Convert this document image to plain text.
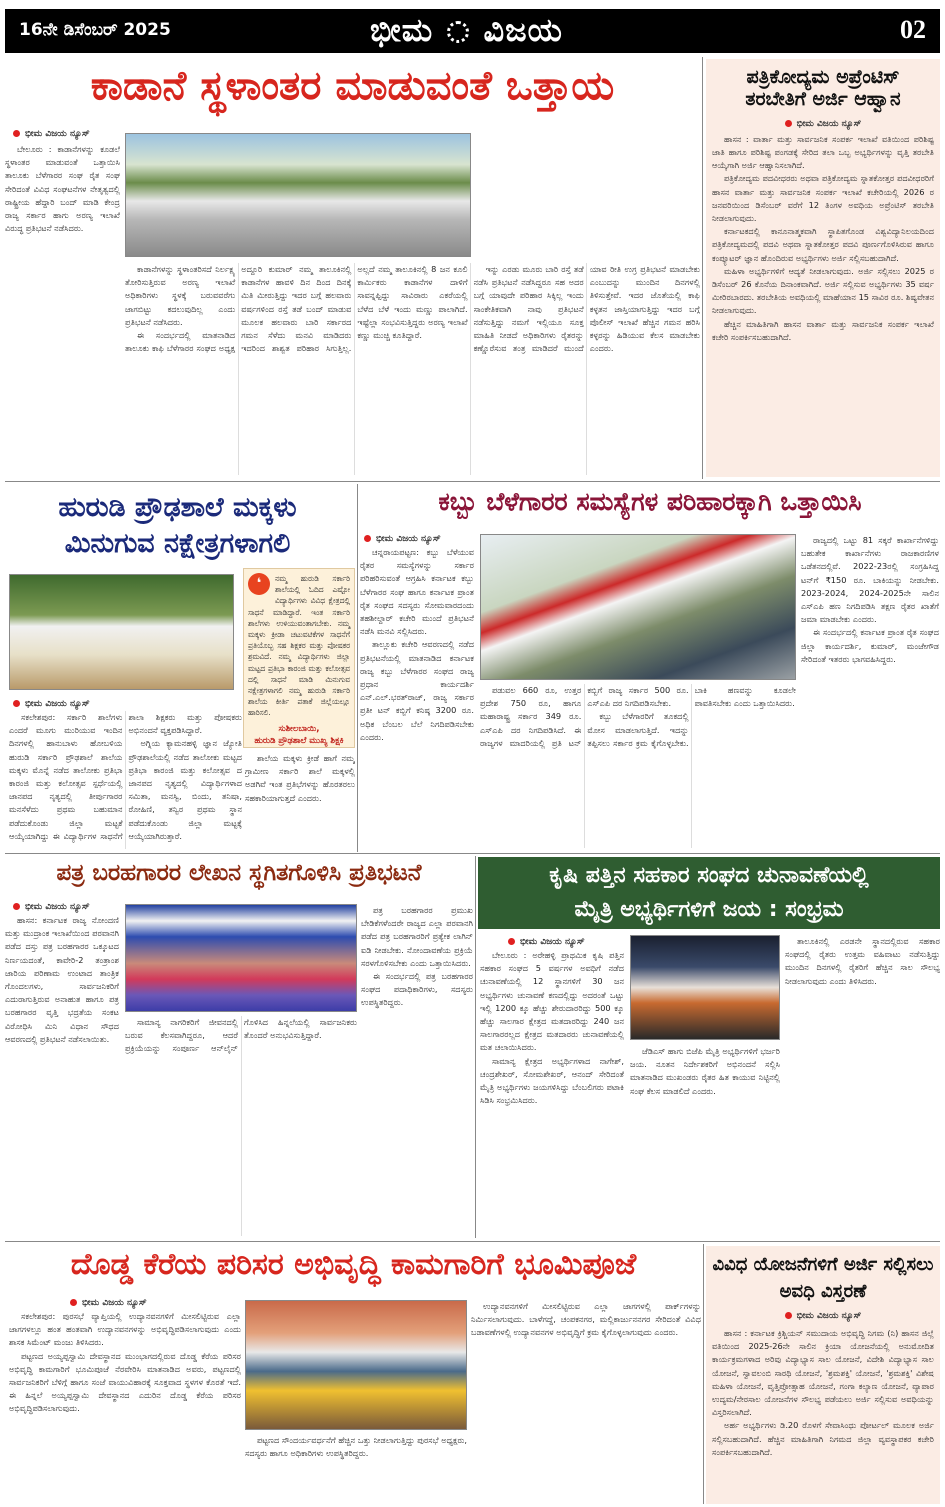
16ನೇ ಡಿಸೆಂಬರ್ 2025	ಭೀಮ ವಿಜಯ	02
ಕಾಡಾನೆ ಸ್ಥಳಾಂತರ ಮಾಡುವಂತೆ ಒತ್ತಾಯ
ಭೀಮ ವಿಜಯ ನ್ಯೂಸ್

ಬೇಲೂರು : ಕಾಡಾನೆಗಳನ್ನು ಕೂಡಲೆ ಸ್ಥಳಾಂತರ ಮಾಡುವಂತೆ ಒತ್ತಾಯಿಸಿ ತಾಲೂಕು ಬೆಳೆಗಾರರ ಸಂಘ ರೈತ ಸಂಘ ಸೇರಿದಂತೆ ವಿವಿಧ ಸಂಘಟನೆಗಳ ನೇತೃತ್ವದಲ್ಲಿ ರಾಷ್ಟ್ರೀಯ ಹೆದ್ದಾರಿ ಬಂದ್ ಮಾಡಿ ಕೇಂದ್ರ ರಾಜ್ಯ ಸರ್ಕಾರ ಹಾಗು ಅರಣ್ಯ ಇಲಾಖೆ ವಿರುದ್ಧ ಪ್ರತಿಭಟನೆ ನಡೆಸಿದರು.

ಕಾಡಾನೆಗಳನ್ನು ಸ್ಥಳಾಂತರಿಸದೆ ನಿರ್ಲಕ್ಷ್ಯ ತೋರಿಸುತ್ತಿರುವ ಅರಣ್ಯ ಇಲಾಖೆ ಅಧಿಕಾರಿಗಳು ಸ್ಥಳಕ್ಕೆ ಬರುವವರೆಗು ಜಾಗಬಿಟ್ಟು ಕದಲುವುದಿಲ್ಲ ಎಂದು ಪ್ರತಿಭಟನೆ ನಡೆಸಿದರು.

ಈ ಸಂದರ್ಭದಲ್ಲಿ ಮಾತನಾಡಿದ ತಾಲೂಕು ಕಾಫಿ ಬೆಳೆಗಾರರ ಸಂಘದ ಅಧ್ಯಕ್ಷ ಅದ್ದೂರಿ ಕುಮಾರ್ ನಮ್ಮ ತಾಲೂಕಿನಲ್ಲಿ ಕಾಡಾನೆಗಳ ಹಾವಳಿ ದಿನ ದಿಂದ ದಿನಕ್ಕೆ ಮಿತಿ ಮೀರುತ್ತಿದ್ದು ಇದರ ಬಗ್ಗೆ ಹಲವಾರು ವರ್ಷಗಳಿಂದ ರಸ್ತೆ ತಡೆ ಬಂದ್ ಮಾಡುವ ಮೂಲಕ ಹಲವಾರು ಬಾರಿ ಸರ್ಕಾರದ ಗಮನ ಸೆಳೆದು ಮನವಿ ಮಾಡಿದರು ಇದರಿಂದ ಶಾಶ್ವತ ಪರಿಹಾರ ಸಿಗುತ್ತಿಲ್ಲ. ಅಲ್ಲದೆ ನಮ್ಮ ತಾಲೂಕಿನಲ್ಲಿ 8 ಜನ ಕೂಲಿ ಕಾರ್ಮಿಕರು ಕಾಡಾನೆಗಳ ದಾಳಿಗೆ ಸಾವನ್ನಪ್ಪಿದ್ದು ಸಾವಿರಾರು ಎಕರೆಯಲ್ಲಿ ಬೆಳೆದ ಬೆಳೆ ಇಂದು ಮಣ್ಣು ಪಾಲಾಗಿದೆ. ಇಷ್ಟೆಲ್ಲಾ ಸಂಭವಿಸುತ್ತಿದ್ದರು ಅರಣ್ಯ ಇಲಾಖೆ ಕಣ್ಣು ಮುಚ್ಚಿ ಕೂತಿದ್ದಾರೆ.

ಇನ್ನು ಎರಡು ಮೂರು ಬಾರಿ ರಸ್ತೆ ತಡೆ ನಡೆಸಿ ಪ್ರತಿಭಟನೆ ನಡೆಸಿದ್ದರೂ ಸಹ ಅದರ ಬಗ್ಗೆ ಯಾವುದೇ ಪರಿಹಾರ ಸಿಕ್ಕಿಲ್ಲ ಇಂದು ಸಾಂಕೇತಿಕವಾಗಿ ನಾವು ಪ್ರತಿಭಟನೆ ನಡೆಸುತ್ತಿದ್ದು ನಮಗೆ ಇಲ್ಲಿಯೂ ಸೂಕ್ತ ಮಾಹಿತಿ ನೀಡದೆ ಅಧಿಕಾರಿಗಳು ರೈತರನ್ನು ಕಣ್ಣೊರೆಸುವ ತಂತ್ರ ಮಾಡಿದರೆ ಮುಂದೆ ಯಾವ ರೀತಿ ಉಗ್ರ ಪ್ರತಿಭಟನೆ ಮಾಡಬೇಕು ಎಂಬುದನ್ನು ಮುಂದಿನ ದಿನಗಳಲ್ಲಿ ತಿಳಿಸುತ್ತೇವೆ. ಇದರ ಜೊತೆಯಲ್ಲಿ ಕಾಫಿ ಕಳ್ಳತನ ಜಾಸ್ತಿಯಾಗುತ್ತಿದ್ದು ಇದರ ಬಗ್ಗೆ ಪೊಲೀಸ್ ಇಲಾಖೆ ಹೆಚ್ಚಿನ ಗಮನ ಹರಿಸಿ ಕಳ್ಳರನ್ನು ಹಿಡಿಯುವ ಕೆಲಸ ಮಾಡಬೇಕು ಎಂದರು.

ಪತ್ರಿಕೋದ್ಯಮ ಅಪ್ರೆಂಟಿಸ್ ತರಬೇತಿಗೆ ಅರ್ಜಿ ಆಹ್ವಾನ
ಭೀಮ ವಿಜಯ ನ್ಯೂಸ್

ಹಾಸನ : ವಾರ್ತಾ ಮತ್ತು ಸಾರ್ವಜನಿಕ ಸಂಪರ್ಕ ಇಲಾಖೆ ವತಿಯಿಂದ ಪರಿಶಿಷ್ಟ ಜಾತಿ ಹಾಗೂ ಪರಿಶಿಷ್ಟ ಪಂಗಡಕ್ಕೆ ಸೇರಿದ ತಲಾ ಒಬ್ಬ ಅಭ್ಯರ್ಥಿಗಳನ್ನು ವೃತ್ತಿ ತರಬೇತಿ ಆಯ್ಕೆಗಾಗಿ ಅರ್ಜಿ ಆಹ್ವಾನಿಸಲಾಗಿದೆ.

ಪತ್ರಿಕೋದ್ಯಮ ಪದವೀಧರರು ಅಥವಾ ಪತ್ರಿಕೋದ್ಯಮ ಸ್ನಾತಕೋತ್ತರ ಪದವೀಧರರಿಗೆ ಹಾಸನ ವಾರ್ತಾ ಮತ್ತು ಸಾರ್ವಜನಿಕ ಸಂಪರ್ಕ ಇಲಾಖೆ ಕಚೇರಿಯಲ್ಲಿ 2026 ರ ಜನವರಿಯಿಂದ ಡಿಸೆಂಬರ್ ವರೆಗೆ 12 ತಿಂಗಳ ಅವಧಿಯ ಅಪ್ರೆಂಟಿಸ್ ತರಬೇತಿ ನೀಡಲಾಗುವುದು.

ಕರ್ನಾಟಕದಲ್ಲಿ ಕಾನೂನಾತ್ಮಕವಾಗಿ ಸ್ಥಾಪಿತಗೊಂಡ ವಿಶ್ವವಿದ್ಯಾನಿಲಯದಿಂದ ಪತ್ರಿಕೋದ್ಯಮದಲ್ಲಿ ಪದವಿ ಅಥವಾ ಸ್ನಾತಕೋತ್ತರ ಪದವಿ ಪೂರ್ಣಗೊಳಿಸಿರುವ ಹಾಗೂ ಕಂಪ್ಯೂಟರ್ ಜ್ಞಾನ ಹೊಂದಿರುವ ಅಭ್ಯರ್ಥಿಗಳು ಅರ್ಜಿ ಸಲ್ಲಿಸಬಹುದಾಗಿದೆ.

ಮಹಿಳಾ ಅಭ್ಯರ್ಥಿಗಳಿಗೆ ಆದ್ಯತೆ ನೀಡಲಾಗುವುದು. ಅರ್ಜಿ ಸಲ್ಲಿಸಲು 2025 ರ ಡಿಸೆಂಬರ್ 26 ಕೊನೆಯ ದಿನಾಂಕವಾಗಿದೆ. ಅರ್ಜಿ ಸಲ್ಲಿಸುವ ಅಭ್ಯರ್ಥಿಗಳು 35 ವರ್ಷ ಮೀರಿರಬಾರದು. ತರಬೇತಿಯ ಅವಧಿಯಲ್ಲಿ ಮಾಹೆಯಾನ 15 ಸಾವಿರ ರೂ. ಶಿಷ್ಯವೇತನ ನೀಡಲಾಗುವುದು.

ಹೆಚ್ಚಿನ ಮಾಹಿತಿಗಾಗಿ ಹಾಸನ ವಾರ್ತಾ ಮತ್ತು ಸಾರ್ವಜನಿಕ ಸಂಪರ್ಕ ಇಲಾಖೆ ಕಚೇರಿ ಸಂಪರ್ಕಿಸಬಹುದಾಗಿದೆ.

ಹುರುಡಿ ಪ್ರೌಢಶಾಲೆ ಮಕ್ಕಳು
ಮಿನುಗುವ ನಕ್ಷೇತ್ರಗಳಾಗಲಿ
ಭೀಮ ವಿಜಯ ನ್ಯೂಸ್

ಸಕಲೇಶಪುರ: ಸರ್ಕಾರಿ ಶಾಲೆಗಳು ಎಂದರೆ ಮೂಗು ಮುರಿಯುವ ಇಂದಿನ ದಿನಗಳಲ್ಲಿ ಹಾನುಬಾಳು ಹೋಬಳಿಯ ಹುರುಡಿ ಸರ್ಕಾರಿ ಪ್ರೌಢಶಾಲೆ ಶಾಲೆಯ ಮಕ್ಕಳು ಮೊನ್ನೆ ನಡೆದ ತಾಲೋಕು ಪ್ರತಿಭಾ ಕಾರಂಜಿ ಮತ್ತು ಕಲೋತ್ಸವ ಸ್ಪರ್ಧೆಯಲ್ಲಿ ಜಾನಪದ ನೃತ್ಯದಲ್ಲಿ ತೀರ್ಪುಗಾರರ ಮನಸೆಳೆದು ಪ್ರಥಮ ಬಹುಮಾನ ಪಡೆದುಕೊಂಡು ಜಿಲ್ಲಾ ಮಟ್ಟಕೆ ಆಯ್ಕೆಯಾಗಿದ್ದು ಈ ವಿದ್ಯಾರ್ಥಿಗಳ ಸಾಧನೆಗೆ ಶಾಲಾ ಶಿಕ್ಷಕರು ಮತ್ತು ಪೋಷಕರು ಅಭಿನಂದನೆ ವ್ಯಕ್ತಪಡಿಸಿದ್ದಾರೆ.

ಅಗ್ನಿಯ ಕ್ಯಾಮನಹಳ್ಳಿ ಜ್ಞಾನ ಜ್ಯೋತಿ ಪ್ರೌಢಶಾಲೆಯಲ್ಲಿ ನಡೆದ ತಾಲೋಕು ಮಟ್ಟದ ಪ್ರತಿಭಾ ಕಾರಂಜಿ ಮತ್ತು ಕಲೋತ್ಸವ ದ ಜಾನಪದ ನೃತ್ಯದಲ್ಲಿ ವಿದ್ಯಾರ್ಥಿಗಳಾದ ಸಮಿತಾ, ಮನಸ್ವಿ, ಬಿಂದು, ತನಿಷಾ, ರೋಹಿಣಿ, ತನ್ವಿರ ಪ್ರಥಮ ಸ್ಥಾನ ಪಡೆದುಕೊಂಡು ಜಿಲ್ಲಾ ಮಟ್ಟಕ್ಕೆ ಆಯ್ಕೆಯಾಗಿರುತ್ತಾರೆ.

❛	ನಮ್ಮ ಹುರುಡಿ ಸರ್ಕಾರಿ ಶಾಲೆಯಲ್ಲಿ ಓದಿದ ಎಷ್ಟೋ ವಿದ್ಯಾರ್ಥಿಗಳು ವಿವಿಧ ಕ್ಷೇತ್ರದಲ್ಲಿ ಸಾಧನೆ ಮಾಡಿದ್ದಾರೆ. ಇಂತ ಸರ್ಕಾರಿ ಶಾಲೆಗಳು ಉಳಿಯುವಂತಾಗಬೇಕು. ನಮ್ಮ ಮಕ್ಕಳು ಕ್ರೀಡಾ ಚಟುವಟಿಕೆಗಳ ಸಾಧನೆಗೆ ಪ್ರತಿಯೊಬ್ಬ ಸಹ ಶಿಕ್ಷಕರ ಮತ್ತು ಪೋಷಕರ ಶ್ರಮವಿದೆ. ನಮ್ಮ ವಿದ್ಯಾರ್ಥಿಗಳು ಜಿಲ್ಲಾ ಮಟ್ಟದ ಪ್ರತಿಭಾ ಕಾರಂಜಿ ಮತ್ತು ಕಲೋತ್ಸವ ದಲ್ಲಿ ಸಾಧನೆ ಮಾಡಿ ಮಿನುಗುವ ನಕ್ಷೇತ್ರಗಳಾಗಲಿ ನಮ್ಮ ಹುರುಡಿ ಸರ್ಕಾರಿ ಶಾಲೆಯ ಕೀರ್ತಿ ಪತಾಕೆ ಜಿಲ್ಲೆಯಲ್ಲೂ ಹಾರಿಸಲಿ.
ಸುಶೀಲಬಾಯಿ,
ಹುರುಡಿ ಪ್ರೌಢಶಾಲೆ ಮುಖ್ಯ ಶಿಕ್ಷಕಿ

ಶಾಲೆಯ ಮಕ್ಕಳು ಕ್ರೀಡೆ ಹಾಗೆ ನಮ್ಮ ಗ್ರಾಮೀಣ ಸರ್ಕಾರಿ ಶಾಲೆ ಮಕ್ಕಳಲ್ಲಿ ಅಡಗಿವೆ ಇಂತ ಪ್ರತಿಭೆಗಳನ್ನು ಹೊರತರಲು ಸಹಕಾರಿಯಾಗುತ್ತದೆ ಎಂದರು.

ಕಬ್ಬು ಬೆಳೆಗಾರರ ಸಮಸ್ಯೆಗಳ ಪರಿಹಾರಕ್ಕಾಗಿ ಒತ್ತಾಯಿಸಿ
ಭೀಮ ವಿಜಯ ನ್ಯೂಸ್

ಚನ್ನರಾಯಪಟ್ಟಣ: ಕಬ್ಬು ಬೆಳೆಯುವ ರೈತರ ಸಮಸ್ಯೆಗಳನ್ನು ಸರ್ಕಾರ ಪರಿಹರಿಸುವಂತೆ ಆಗ್ರಹಿಸಿ ಕರ್ನಾಟಕ ಕಬ್ಬು ಬೆಳೆಗಾರರ ಸಂಘ ಹಾಗೂ ಕರ್ನಾಟಕ ಪ್ರಾಂತ ರೈತ ಸಂಘದ ಸದಸ್ಯರು ಸೋಮವಾರದಂದು ತಹಶೀಲ್ದಾರ್ ಕಚೇರಿ ಮುಂದೆ ಪ್ರತಿಭಟನೆ ನಡೆಸಿ ಮನವಿ ಸಲ್ಲಿಸಿದರು.

ತಾಲ್ಲೂಕು ಕಚೇರಿ ಆವರಣದಲ್ಲಿ ನಡೆದ ಪ್ರತಿಭಟನೆಯಲ್ಲಿ ಮಾತನಾಡಿದ ಕರ್ನಾಟಕ ರಾಜ್ಯ ಕಬ್ಬು ಬೆಳೆಗಾರರ ಸಂಘದ ರಾಜ್ಯ ಪ್ರಧಾನ ಕಾರ್ಯದರ್ಶಿ ಎನ್.ಎಲ್.ಭರತ್‌ರಾಜ್, ರಾಜ್ಯ ಸರ್ಕಾರ ಪ್ರತೀ ಟನ್ ಕಬ್ಬಿಗೆ ಕನಿಷ್ಠ 3200 ರೂ. ಅಧಿಕ ಬೆಂಬಲ ಬೆಲೆ ನಿಗದಿಪಡಿಸಬೇಕು ಎಂದರು.

ಪಡುವಲ 660 ರೂ, ಉತ್ತರ ಪ್ರದೇಶ 750 ರೂ, ಹಾಗೂ ಮಹಾರಾಷ್ಟ್ರ ಸರ್ಕಾರ 349 ರೂ. ಎಸ್‌ಎಪಿ ದರ ನಿಗದಿಪಡಿಸಿದೆ. ಈ ರಾಜ್ಯಗಳ ಮಾದರಿಯಲ್ಲಿ ಪ್ರತಿ ಟನ್ ಕಬ್ಬಿಗೆ ರಾಜ್ಯ ಸರ್ಕಾರ 500 ರೂ. ಎಸ್‌ಎಪಿ ದರ ನಿಗದಿಪಡಿಸಬೇಕು.

ಕಬ್ಬು ಬೆಳೆಗಾರರಿಗೆ ತೂಕದಲ್ಲಿ ಮೋಸ ಮಾಡಲಾಗುತ್ತಿದೆ. ಇದನ್ನು ತಪ್ಪಿಸಲು ಸರ್ಕಾರ ಕ್ರಮ ಕೈಗೊಳ್ಳಬೇಕು. ಬಾಕಿ ಹಣವನ್ನು ಕೂಡಲೇ ಪಾವತಿಸಬೇಕು ಎಂದು ಒತ್ತಾಯಿಸಿದರು.

ರಾಜ್ಯದಲ್ಲಿ ಒಟ್ಟು 81 ಸಕ್ಕರೆ ಕಾರ್ಖಾನೆಗಳಿದ್ದು ಬಹುತೇಕ ಕಾರ್ಖಾನೆಗಳು ರಾಜಕಾರಣಿಗಳ ಒಡೆತನದಲ್ಲಿವೆ. 2022-23ರಲ್ಲಿ ಸಂಗ್ರಹಿಸಿದ್ದ ಟನ್‌ಗೆ ₹150 ರೂ. ಬಾಕಿಯನ್ನು ನೀಡಬೇಕು. 2023-2024, 2024-2025ನೇ ಸಾಲಿನ ಎಸ್‌ಎಪಿ ಹಣ ನಿಗದಿಪಡಿಸಿ ತಕ್ಷಣ ರೈತರ ಖಾತೆಗೆ ಜಮಾ ಮಾಡಬೇಕು ಎಂದರು.

ಈ ಸಂದರ್ಭದಲ್ಲಿ ಕರ್ನಾಟಕ ಪ್ರಾಂತ ರೈತ ಸಂಘದ ಜಿಲ್ಲಾ ಕಾರ್ಯದರ್ಶಿ, ಕುಮಾರ್, ಮಂಜೇಗೌಡ ಸೇರಿದಂತೆ ಇತರರು ಭಾಗವಹಿಸಿದ್ದರು.

ಪತ್ರ ಬರಹಗಾರರ ಲೇಖನ ಸ್ಥಗಿತಗೊಳಿಸಿ ಪ್ರತಿಭಟನೆ
ಭೀಮ ವಿಜಯ ನ್ಯೂಸ್

ಹಾಸನ: ಕರ್ನಾಟಕ ರಾಜ್ಯ ನೋಂದಣಿ ಮತ್ತು ಮುದ್ರಾಂಕ ಇಲಾಖೆಯಿಂದ ಪರವಾನಗಿ ಪಡೆದ ದಸ್ತು ಪತ್ರ ಬರಹಗಾರರ ಒಕ್ಕೂಟದ ನಿರ್ಣಯದಂತೆ, ಕಾವೇರಿ-2 ತಂತ್ರಾಂಶ ಜಾರಿಯ ಪರಿಣಾಮ ಉಂಟಾದ ತಾಂತ್ರಿಕ ಗೊಂದಲಗಳು, ಸಾರ್ವಜನಿಕರಿಗೆ ಎದುರಾಗುತ್ತಿರುವ ಅನಾಹುತ ಹಾಗೂ ಪತ್ರ ಬರಹಗಾರರ ವೃತ್ತಿ ಭದ್ರತೆಯ ಸಂಕಟ ವಿರೋಧಿಸಿ ಮಿನಿ ವಿಧಾನ ಸೌಧದ ಆವರಣದಲ್ಲಿ ಪ್ರತಿಭಟನೆ ನಡೆಸಲಾಯಿತು.

ಸಾಮಾನ್ಯ ನಾಗರಿಕರಿಗೆ ಜೀವನದಲ್ಲಿ ಬರುವ ಕೆಲಸವಾಗಿದ್ದರೂ, ಆದರೆ ಪ್ರಕ್ರಿಯೆಯನ್ನು ಸಂಪೂರ್ಣ ಆನ್‌ಲೈನ್ ಗೊಳಿಸಿದ ಹಿನ್ನಲೆಯಲ್ಲಿ ಸಾರ್ವಜನಿಕರು ತೊಂದರೆ ಅನುಭವಿಸುತ್ತಿದ್ದಾರೆ.

ಪತ್ರ ಬರಹಗಾರರ ಪ್ರಮುಖ ಬೇಡಿಕೆಗಳೆಂದರೇ ರಾಜ್ಯದ ಎಲ್ಲಾ ಪರವಾನಗಿ ಪಡೆದ ಪತ್ರ ಬರಹಗಾರರಿಗೆ ಪ್ರತ್ಯೇಕ ಲಾಗಿನ್ ಐಡಿ ನೀಡಬೇಕು. ನೋಂದಾವಣೆಯ ಪ್ರಕ್ರಿಯೆ ಸರಳಗೊಳಿಸಬೇಕು ಎಂದು ಒತ್ತಾಯಿಸಿದರು.

ಈ ಸಂದರ್ಭದಲ್ಲಿ ಪತ್ರ ಬರಹಗಾರರ ಸಂಘದ ಪದಾಧಿಕಾರಿಗಳು, ಸದಸ್ಯರು ಉಪಸ್ಥಿತರಿದ್ದರು.

ಕೃಷಿ ಪತ್ತಿನ ಸಹಕಾರ ಸಂಘದ ಚುನಾವಣೆಯಲ್ಲಿ
ಮೈತ್ರಿ ಅಭ್ಯರ್ಥಿಗಳಿಗೆ ಜಯ : ಸಂಭ್ರಮ
ಭೀಮ ವಿಜಯ ನ್ಯೂಸ್

ಬೇಲೂರು : ಅರೇಹಳ್ಳಿ ಪ್ರಾಥಮಿಕ ಕೃಷಿ ಪತ್ತಿನ ಸಹಕಾರ ಸಂಘದ 5 ವರ್ಷಗಳ ಅವಧಿಗೆ ನಡೆದ ಚುನಾವಣೆಯಲ್ಲಿ 12 ಸ್ಥಾನಗಳಿಗೆ 30 ಜನ ಅಭ್ಯರ್ಥಿಗಳು ಚುನಾವಣೆ ಕಣದಲ್ಲಿದ್ದು ಅದರಂತೆ ಒಟ್ಟು ಇಲ್ಲಿ 1200 ಕ್ಕೂ ಹೆಚ್ಚು ಶೇರುದಾರರಿದ್ದು 500 ಕ್ಕೂ ಹೆಚ್ಚು ಸಾಲಗಾರ ಕ್ಷೇತ್ರದ ಮತದಾರರಿದ್ದು 240 ಜನ ಸಾಲಗಾರರಲ್ಲದ ಕ್ಷೇತ್ರದ ಮತದಾರರು ಚುನಾವಣೆಯಲ್ಲಿ ಮತ ಚಲಾಯಿಸಿದರು.

ಸಾಮಾನ್ಯ ಕ್ಷೇತ್ರದ ಅಭ್ಯರ್ಥಿಗಳಾದ ನಾಗೇಶ್, ಚಂದ್ರಶೇಖರ್, ಸೋಮಶೇಖರ್, ಆನಂದ್ ಸೇರಿದಂತೆ ಮೈತ್ರಿ ಅಭ್ಯರ್ಥಿಗಳು ಜಯಗಳಿಸಿದ್ದು ಬೆಂಬಲಿಗರು ಪಟಾಕಿ ಸಿಡಿಸಿ ಸಂಭ್ರಮಿಸಿದರು.

ಜೆಡಿಎಸ್ ಹಾಗು ಬಿಜೆಪಿ ಮೈತ್ರಿ ಅಭ್ಯರ್ಥಿಗಳಿಗೆ ಭರ್ಜರಿ ಜಯ. ನೂತನ ನಿರ್ದೇಶಕರಿಗೆ ಅಭಿನಂದನೆ ಸಲ್ಲಿಸಿ ಮಾತನಾಡಿದ ಮುಖಂಡರು ರೈತರ ಹಿತ ಕಾಯುವ ನಿಟ್ಟಿನಲ್ಲಿ ಸಂಘ ಕೆಲಸ ಮಾಡಲಿದೆ ಎಂದರು.

ತಾಲೂಕಿನಲ್ಲಿ ಎರಡನೇ ಸ್ಥಾನದಲ್ಲಿರುವ ಸಹಕಾರ ಸಂಘದಲ್ಲಿ ರೈತರು ಉತ್ತಮ ವಹಿವಾಟು ನಡೆಸುತ್ತಿದ್ದು ಮುಂದಿನ ದಿನಗಳಲ್ಲಿ ರೈತರಿಗೆ ಹೆಚ್ಚಿನ ಸಾಲ ಸೌಲಭ್ಯ ನೀಡಲಾಗುವುದು ಎಂದು ತಿಳಿಸಿದರು.

ದೊಡ್ಡ ಕೆರೆಯ ಪರಿಸರ ಅಭಿವೃದ್ಧಿ ಕಾಮಗಾರಿಗೆ ಭೂಮಿಪೂಜೆ
ಭೀಮ ವಿಜಯ ನ್ಯೂಸ್

ಸಕಲೇಶಪುರ: ಪುರಸಭೆ ವ್ಯಾಪ್ತಿಯಲ್ಲಿ ಉದ್ಯಾನವನಗಳಿಗೆ ಮೀಸಲಿಟ್ಟಿರುವ ಎಲ್ಲಾ ಜಾಗಗಳಲ್ಲೂ ಹಂತ ಹಂತವಾಗಿ ಉದ್ಯಾನವನಗಳನ್ನು ಅಭಿವೃದ್ಧಿಪಡಿಸಲಾಗುವುದು ಎಂದು ಶಾಸಕ ಸಿಮೆಂಟ್ ಮಂಜು ತಿಳಿಸಿದರು.

ಪಟ್ಟಣದ ಅಯ್ಯಪ್ಪಸ್ವಾಮಿ ದೇವಸ್ಥಾನದ ಮುಂಭಾಗದಲ್ಲಿರುವ ದೊಡ್ಡ ಕೆರೆಯ ಪರಿಸರ ಅಭಿವೃದ್ಧಿ ಕಾಮಗಾರಿಗೆ ಭೂಮಿಪೂಜೆ ನೆರವೇರಿಸಿ ಮಾತನಾಡಿದ ಅವರು, ಪಟ್ಟಣದಲ್ಲಿ ಸಾರ್ವಜನಿಕರಿಗೆ ಬೆಳಿಗ್ಗೆ ಹಾಗೂ ಸಂಜೆ ವಾಯುವಿಹಾರಕ್ಕೆ ಸೂಕ್ತವಾದ ಸ್ಥಳಗಳ ಕೊರತೆ ಇದೆ. ಈ ಹಿನ್ನಲೆ ಅಯ್ಯಪ್ಪಸ್ವಾಮಿ ದೇವಸ್ಥಾನದ ಎದುರಿನ ದೊಡ್ಡ ಕೆರೆಯ ಪರಿಸರ ಅಭಿವೃದ್ಧಿಪಡಿಸಲಾಗುವುದು.

ಪಟ್ಟಣದ ಸೌಂದರ್ಯವರ್ಧನೆಗೆ ಹೆಚ್ಚಿನ ಒತ್ತು ನೀಡಲಾಗುತ್ತಿದ್ದು ಪುರಸಭೆ ಅಧ್ಯಕ್ಷರು, ಸದಸ್ಯರು ಹಾಗೂ ಅಧಿಕಾರಿಗಳು ಉಪಸ್ಥಿತರಿದ್ದರು.

ಉದ್ಯಾನವನಗಳಿಗೆ ಮೀಸಲಿಟ್ಟಿರುವ ಎಲ್ಲಾ ಜಾಗಗಳಲ್ಲಿ ಪಾರ್ಕ್‌ಗಳನ್ನು ನಿರ್ಮಿಸಲಾಗುವುದು. ಬಾಳೆಗದ್ದೆ, ಚಂಪಕನಗರ, ಮಲ್ಲಿಕಾರ್ಜುನನಗರ ಸೇರಿದಂತೆ ವಿವಿಧ ಬಡಾವಣೆಗಳಲ್ಲಿ ಉದ್ಯಾನವನಗಳ ಅಭಿವೃದ್ಧಿಗೆ ಕ್ರಮ ಕೈಗೊಳ್ಳಲಾಗುವುದು ಎಂದರು.

ವಿವಿಧ ಯೋಜನೆಗಳಿಗೆ ಅರ್ಜಿ ಸಲ್ಲಿಸಲು ಅವಧಿ ವಿಸ್ತರಣೆ
ಭೀಮ ವಿಜಯ ನ್ಯೂಸ್

ಹಾಸನ : ಕರ್ನಾಟಕ ಕ್ರಿಶ್ಚಿಯನ್ ಸಮುದಾಯ ಅಭಿವೃದ್ಧಿ ನಿಗಮ (ನಿ) ಹಾಸನ ಜಿಲ್ಲೆ ವತಿಯಿಂದ 2025-26ನೇ ಸಾಲಿನ ಕ್ರಿಯಾ ಯೋಜನೆಯಲ್ಲಿ ಅನುಮೋದಿತ ಕಾರ್ಯಕ್ರಮಗಳಾದ ಅರಿವು ವಿದ್ಯಾಭ್ಯಾಸ ಸಾಲ ಯೋಜನೆ, ವಿದೇಶಿ ವಿದ್ಯಾಭ್ಯಾಸ ಸಾಲ ಯೋಜನೆ, ಸ್ವಾವಲಂಬಿ ಸಾರಥಿ ಯೋಜನೆ, 'ಶ್ರಮಶಕ್ತಿ' ಯೋಜನೆ, 'ಶ್ರಮಶಕ್ತಿ' ವಿಶೇಷ ಮಹಿಳಾ ಯೋಜನೆ, ವೃತ್ತಿಪ್ರೋತ್ಸಾಹ ಯೋಜನೆ, ಗಂಗಾ ಕಲ್ಯಾಣ ಯೋಜನೆ, ವ್ಯಾಪಾರ ಉದ್ಯಮ/ನೇರಸಾಲ ಯೋಜನೆಗಳ ಸೌಲಭ್ಯ ಪಡೆಯಲು ಅರ್ಜಿ ಸಲ್ಲಿಸುವ ಅವಧಿಯನ್ನು ವಿಸ್ತರಿಸಲಾಗಿದೆ.

ಅರ್ಹ ಅಭ್ಯರ್ಥಿಗಳು ಡಿ.20 ರೊಳಗೆ ಸೇವಾಸಿಂಧು ಪೋರ್ಟಲ್ ಮೂಲಕ ಅರ್ಜಿ ಸಲ್ಲಿಸಬಹುದಾಗಿದೆ. ಹೆಚ್ಚಿನ ಮಾಹಿತಿಗಾಗಿ ನಿಗಮದ ಜಿಲ್ಲಾ ವ್ಯವಸ್ಥಾಪಕರ ಕಚೇರಿ ಸಂಪರ್ಕಿಸಬಹುದಾಗಿದೆ.
